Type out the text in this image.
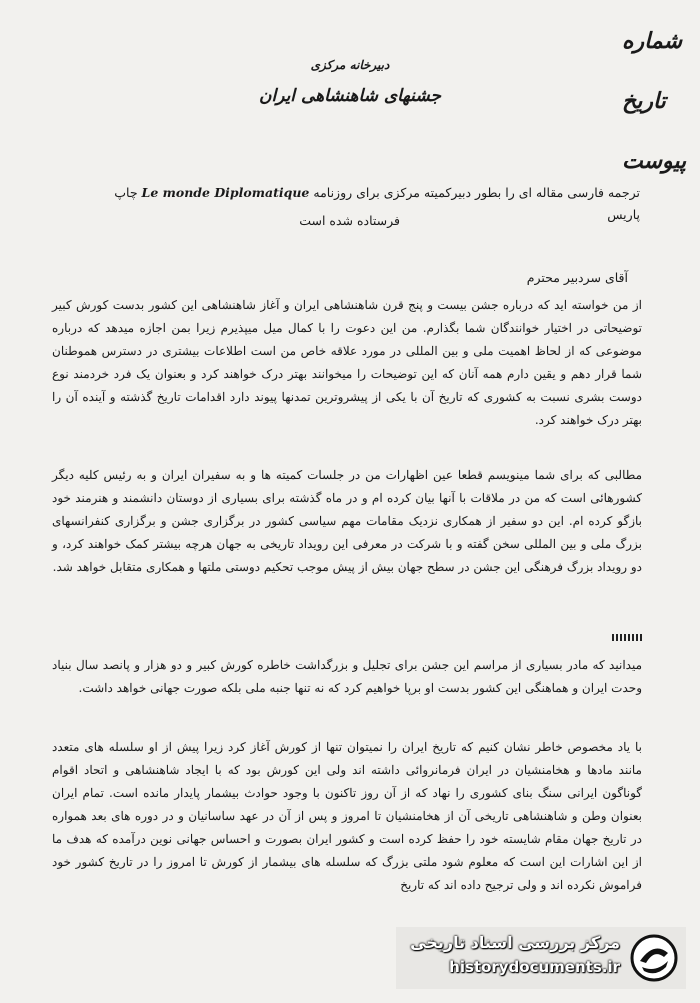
شماره
تاریخ
پیوست
دبیرخانه مرکزی
جشنهای شاهنشاهی ایران
ترجمه فارسی مقاله ای را بطور دبیرکمیته مرکزی برای روزنامه Le monde Diplomatique چاپ پاریس
فرستاده شده است
آقای سردبیر محترم
از من خواسته اید که درباره جشن بیست و پنج قرن شاهنشاهی ایران و آغاز شاهنشاهی این کشور بدست کورش کبیر توضیحاتی در اختیار خوانندگان شما بگذارم. من این دعوت را با کمال میل میپذیرم زیرا بمن اجازه میدهد که درباره موضوعی که از لحاظ اهمیت ملی و بین المللی در مورد علاقه خاص من است اطلاعات بیشتری در دسترس هموطنان شما قرار دهم و یقین دارم همه آنان که این توضیحات را میخوانند بهتر درک خواهند کرد و بعنوان یک فرد خردمند نوع دوست بشری نسبت به کشوری که تاریخ آن با یکی از پیشروترین تمدنها پیوند دارد اقدامات تاریخ گذشته و آینده آن را بهتر درک خواهند کرد.
مطالبی که برای شما مینویسم قطعا عین اظهارات من در جلسات کمیته ها و به سفیران ایران و به رئیس کلیه دیگر کشورهائی است که من در ملاقات با آنها بیان کرده ام و در ماه گذشته برای بسیاری از دوستان دانشمند و هنرمند خود بازگو کرده ام. این دو سفیر از همکاری نزدیک مقامات مهم سیاسی کشور در برگزاری جشن و برگزاری کنفرانسهای بزرگ ملی و بین المللی سخن گفته و با شرکت در معرفی این رویداد تاریخی به جهان هرچه بیشتر کمک خواهند کرد، و دو رویداد بزرگ فرهنگی این جشن در سطح جهان بیش از پیش موجب تحکیم دوستی ملتها و همکاری متقابل خواهد شد.
میدانید که مادر بسیاری از مراسم این جشن برای تجلیل و بزرگداشت خاطره کورش کبیر و دو هزار و پانصد سال بنیاد وحدت ایران و هماهنگی این کشور بدست او برپا خواهیم کرد که نه تنها جنبه ملی بلکه صورت جهانی خواهد داشت.
با یاد مخصوص خاطر نشان کنیم که تاریخ ایران را نمیتوان تنها از کورش آغاز کرد زیرا پیش از او سلسله های متعدد مانند مادها و هخامنشیان در ایران فرمانروائی داشته اند ولی این کورش بود که با ایجاد شاهنشاهی و اتحاد اقوام گوناگون ایرانی سنگ بنای کشوری را نهاد که از آن روز تاکنون با وجود حوادث بیشمار پایدار مانده است. تمام ایران بعنوان وطن و شاهنشاهی تاریخی آن از هخامنشیان تا امروز و پس از آن در عهد ساسانیان و در دوره های بعد همواره در تاریخ جهان مقام شایسته خود را حفظ کرده است و کشور ایران بصورت و احساس جهانی نوین درآمده که هدف ما از این اشارات این است که معلوم شود ملتی بزرگ که سلسله های بیشمار از کورش تا امروز را در تاریخ کشور خود فراموش نکرده اند و ولی ترجیح داده اند که تاریخ
مرکز بررسی اسناد تاریخی
historydocuments.ir
